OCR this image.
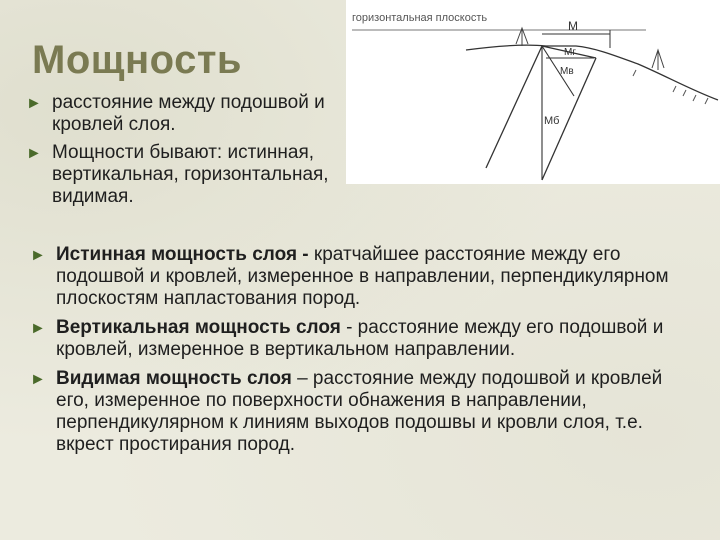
Мощность
► расстояние между подошвой и кровлей слоя.
► Мощности бывают: истинная, вертикальная, горизонтальная, видимая.
горизонтальная плоскость
М
Мг
Мв
Мб
► Истинная мощность слоя - кратчайшее расстояние между его подошвой и кровлей, измеренное в направлении, перпендикулярном плоскостям напластования пород.
► Вертикальная мощность слоя - расстояние между его подошвой и кровлей, измеренное в вертикальном направлении.
► Видимая мощность слоя – расстояние между подошвой и кровлей его, измеренное по поверхности обнажения в направлении, перпендикулярном к линиям выходов подошвы и кровли слоя, т.е. вкрест простирания пород.
